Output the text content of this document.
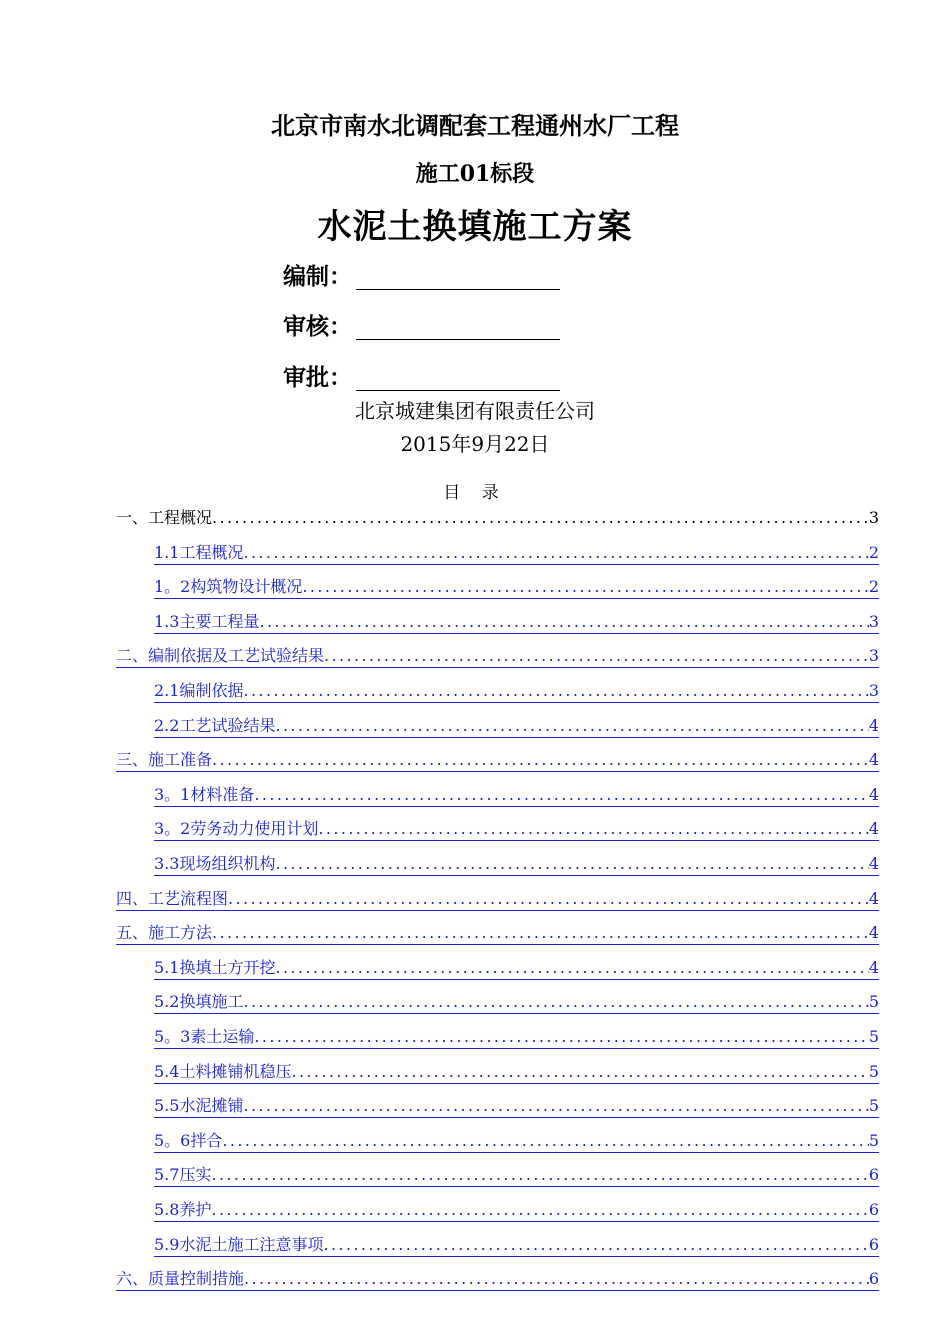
北京市南水北调配套工程通州水厂工程
施工01标段
水泥土换填施工方案
编制：
审核：
审批：
北京城建集团有限责任公司
2015年9月22日
目 录
一、工程概况 .....	3
1.1工程概况 .....	2
1。2构筑物设计概况 .....	2
1.3主要工程量 .....	3
二、编制依据及工艺试验结果 .....	3
2.1编制依据 .....	3
2.2工艺试验结果 .....	4
三、施工准备 .....	4
3。1材料准备 .....	4
3。2劳务动力使用计划 .....	4
3.3现场组织机构 .....	4
四、工艺流程图 .....	4
五、施工方法 .....	4
5.1换填土方开挖 .....	4
5.2换填施工 .....	5
5。3素土运输 .....	5
5.4土料摊铺机稳压 .....	5
5.5水泥摊铺 .....	5
5。6拌合 .....	5
5.7压实 .....	6
5.8养护 .....	6
5.9水泥土施工注意事项 .....	6
六、质量控制措施 .....	6
